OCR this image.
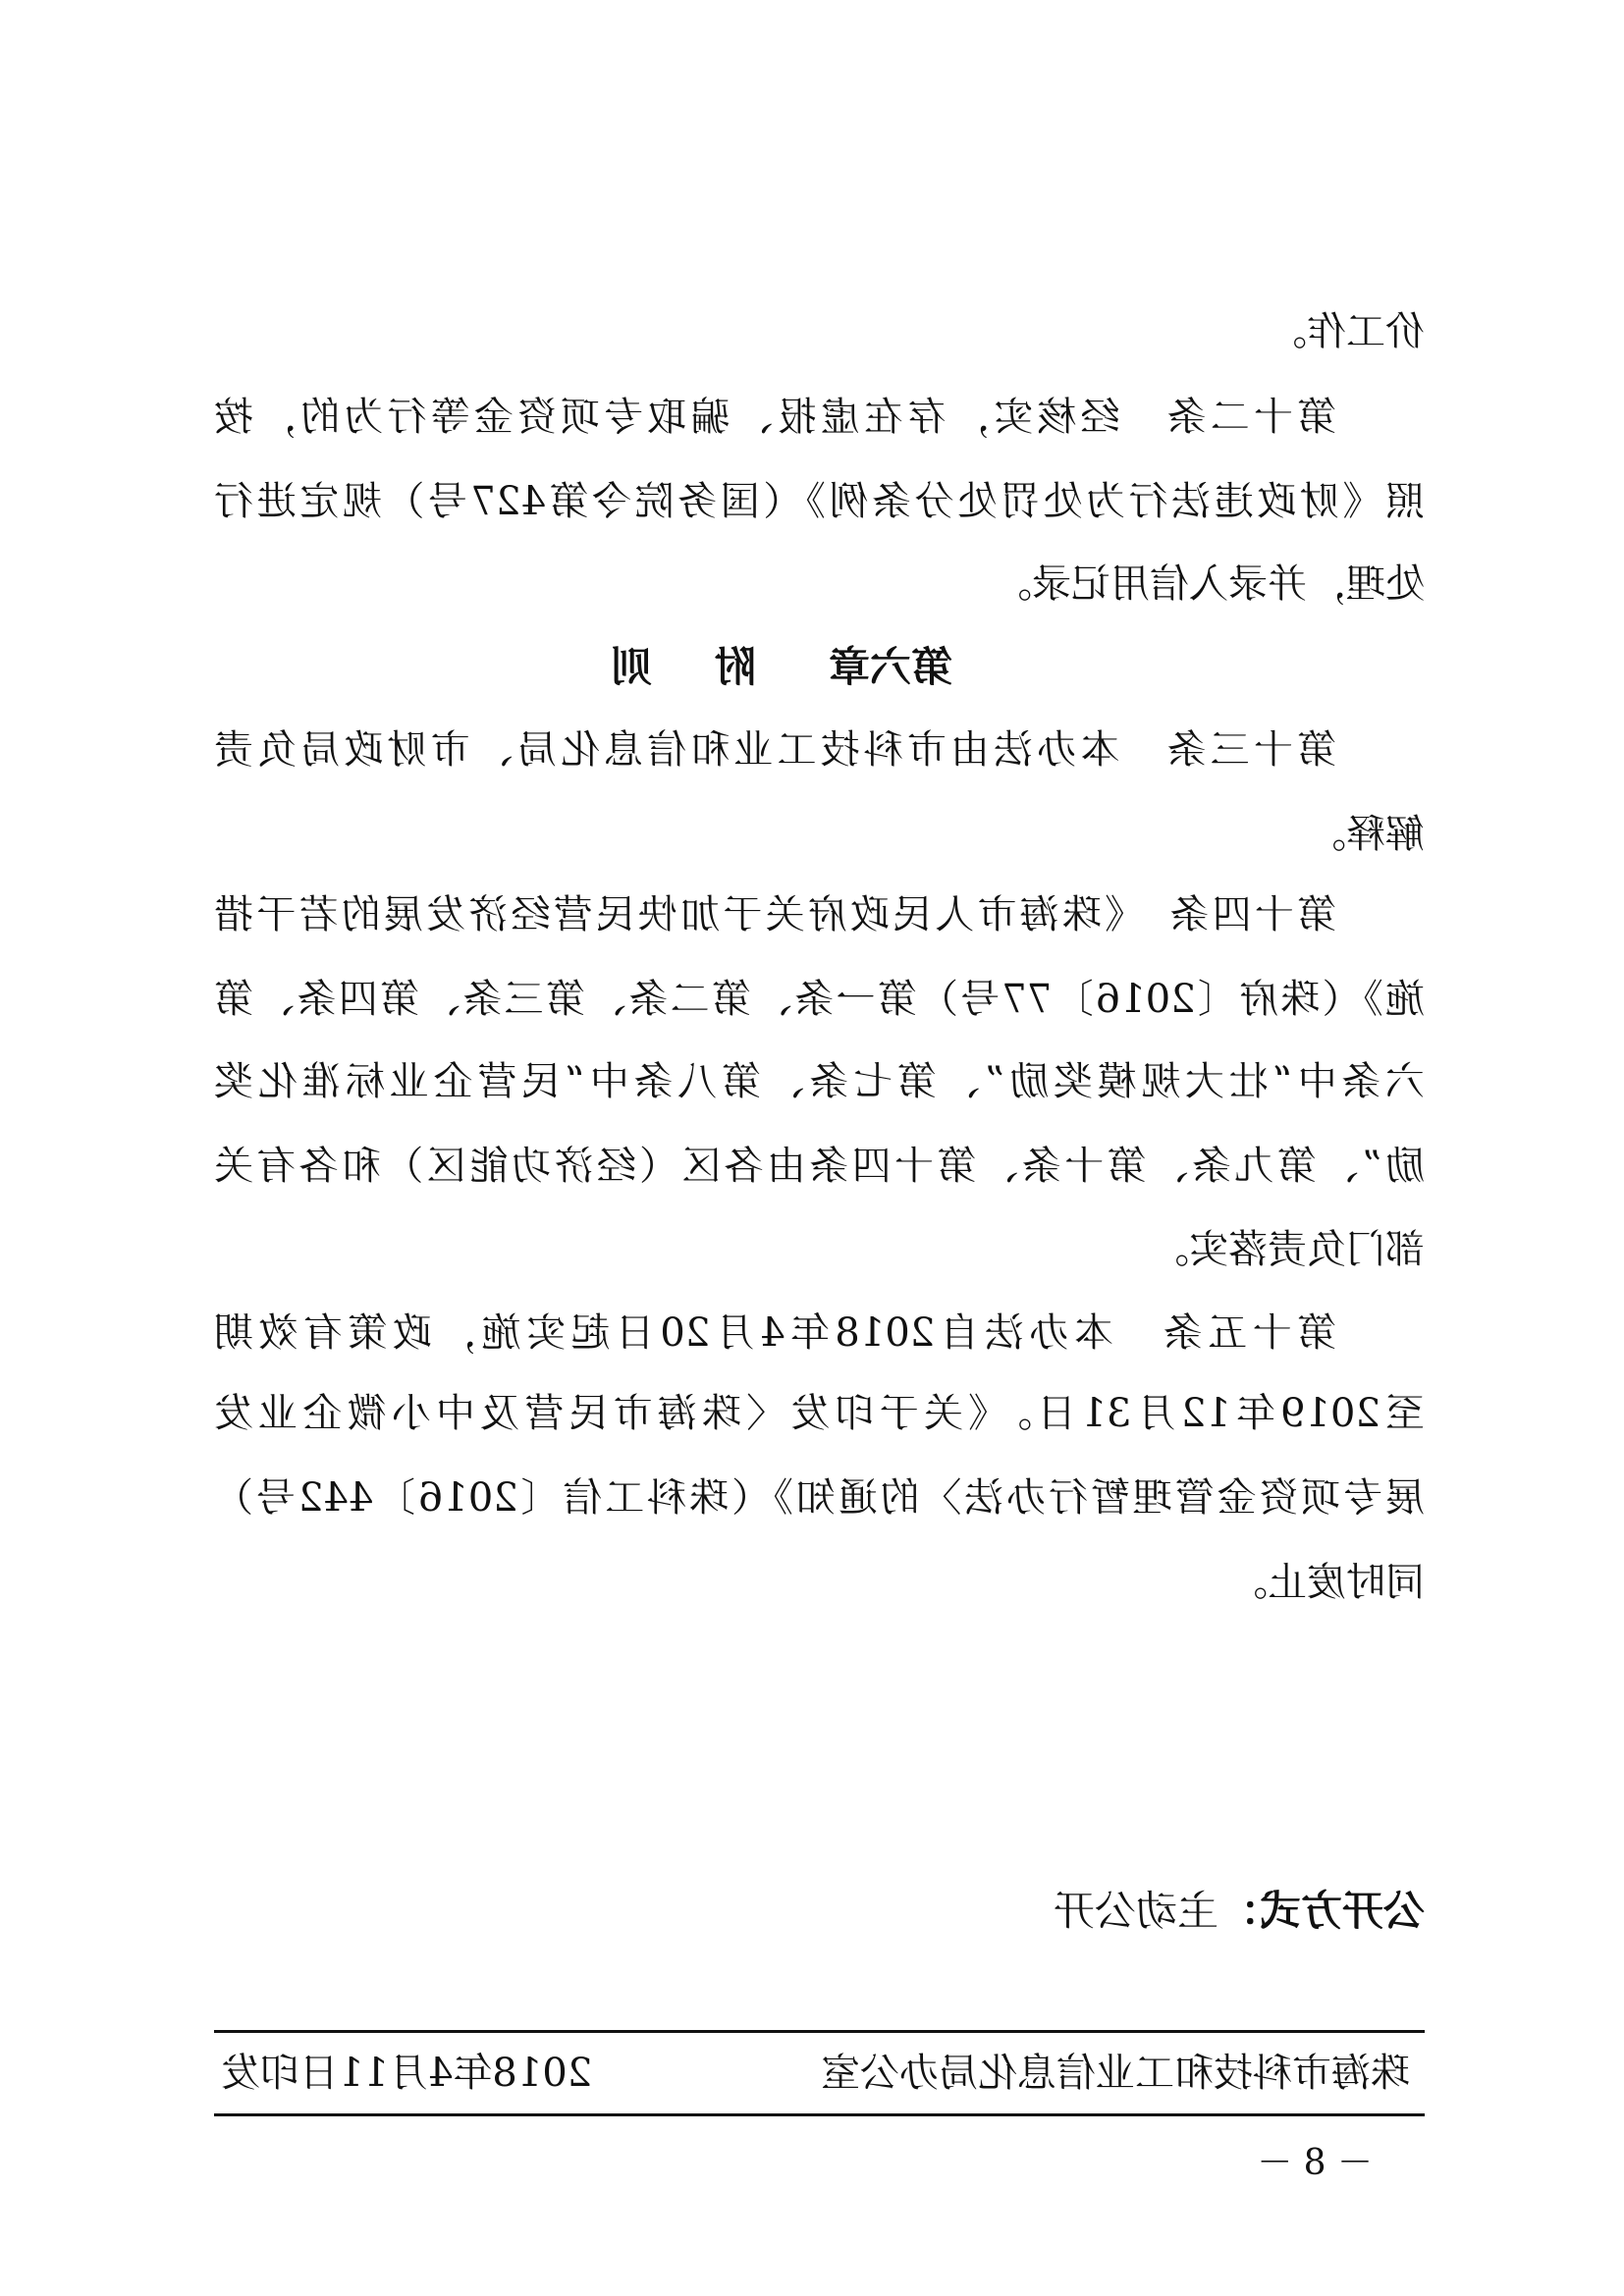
价工作。
第十二条　经核实，存在虚报、骗取专项资金等行为的，按
照《财政违法行为处罚处分条例》（国务院令第427号）规定进行
处理，并录入信用记录。
第六章
附
则
第十三条　本办法由市科技工业和信息化局、市财政局负责
解释。
第十四条　《珠海市人民政府关于加快民营经济发展的若干措
施》（珠府〔2016〕77号）第一条、第二条、第三条、第四条、第
六条中“壮大规模奖励”、第七条、第八条中“民营企业标准化奖
励”、第九条、第十条、第十四条由各区（经济功能区）和各有关
部门负责落实。
第十五条　本办法自2018年4月20日起实施，政策有效期
至2019年12月31日。《关于印发〈珠海市民营及中小微企业发
展专项资金管理暂行办法〉的通知》（珠科工信〔2016〕442号）
同时废止。
公开方式：主动公开
珠海市科技和工业信息化局办公室
2018年4月11日印发
－ 8 －
